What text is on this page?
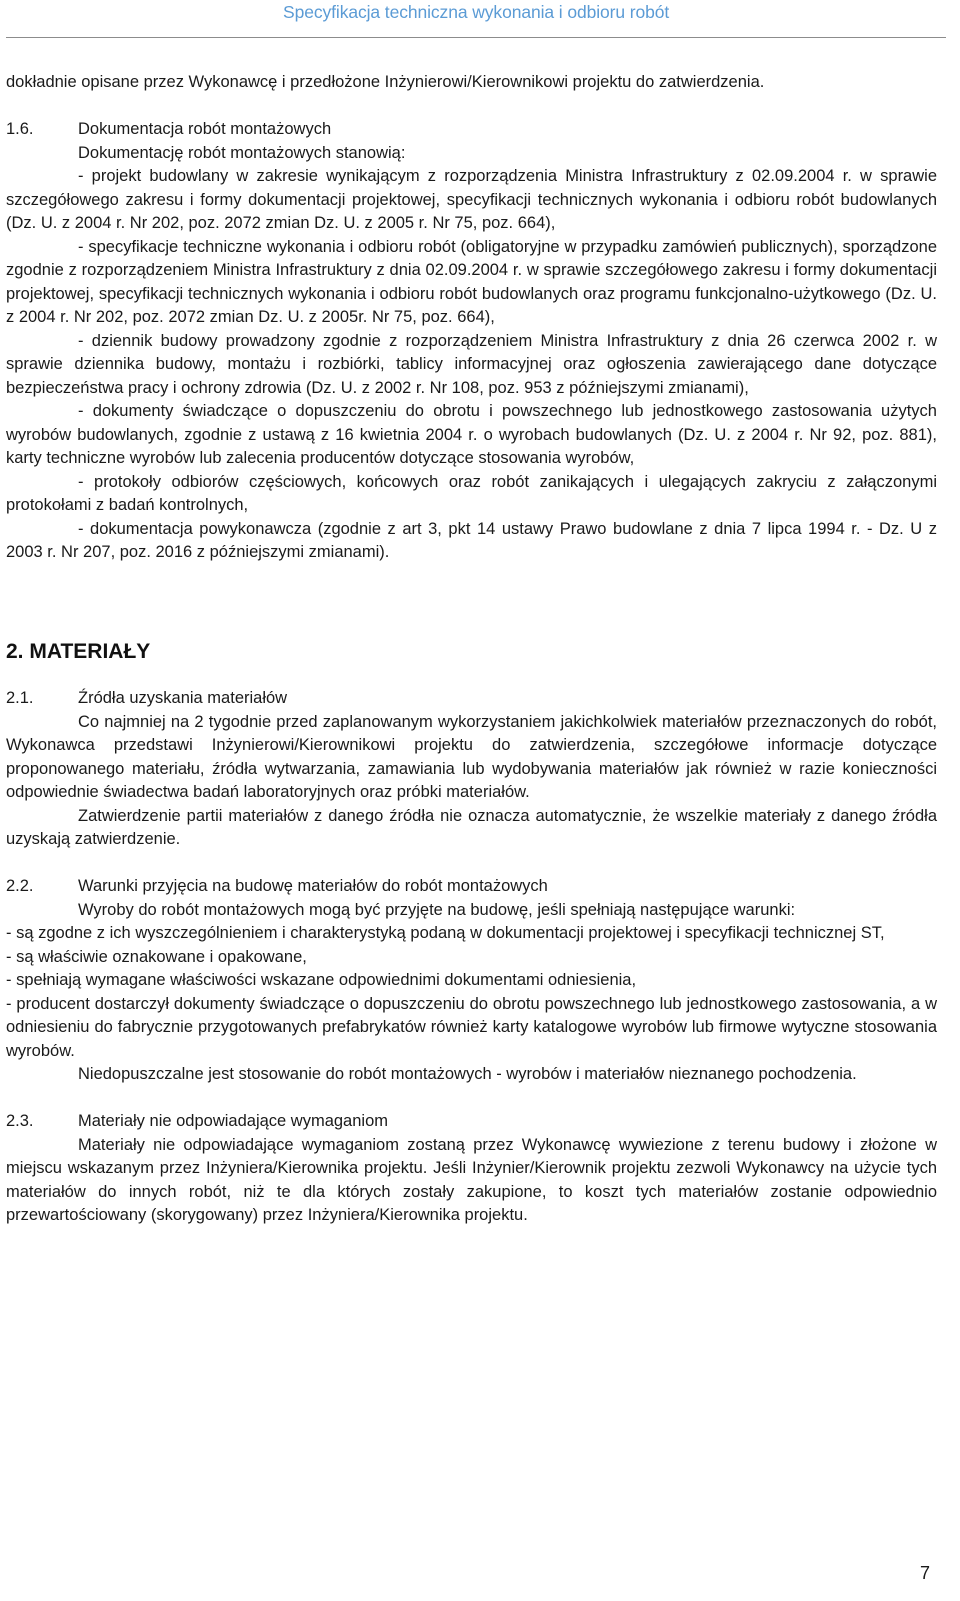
Specyfikacja techniczna wykonania i odbioru robót

dokładnie opisane przez Wykonawcę i przedłożone Inżynierowi/Kierownikowi projektu do zatwierdzenia.

1.6.	Dokumentacja robót montażowych

Dokumentację robót montażowych stanowią:

- projekt budowlany w zakresie wynikającym z rozporządzenia Ministra Infrastruktury z 02.09.2004 r. w sprawie szczegółowego zakresu i formy dokumentacji projektowej, specyfikacji technicznych wykonania i odbioru robót budowlanych (Dz. U. z 2004 r. Nr 202, poz. 2072 zmian Dz. U. z 2005 r. Nr 75, poz. 664),

- specyfikacje techniczne wykonania i odbioru robót (obligatoryjne w przypadku zamówień publicznych), sporządzone zgodnie z rozporządzeniem Ministra Infrastruktury z dnia 02.09.2004 r. w sprawie szczegółowego zakresu i formy dokumentacji projektowej, specyfikacji technicznych wykonania i odbioru robót budowlanych oraz programu funkcjonalno-użytkowego (Dz. U. z 2004 r. Nr 202, poz. 2072 zmian Dz. U. z 2005r. Nr 75, poz. 664),

- dziennik budowy prowadzony zgodnie z rozporządzeniem Ministra Infrastruktury z dnia 26 czerwca 2002 r. w sprawie dziennika budowy, montażu i rozbiórki, tablicy informacyjnej oraz ogłoszenia zawierającego dane dotyczące bezpieczeństwa pracy i ochrony zdrowia (Dz. U. z 2002 r. Nr 108, poz. 953 z późniejszymi zmianami),

- dokumenty świadczące o dopuszczeniu do obrotu i powszechnego lub jednostkowego zastosowania użytych wyrobów budowlanych, zgodnie z ustawą z 16 kwietnia 2004 r. o wyrobach budowlanych (Dz. U. z 2004 r. Nr 92, poz. 881), karty techniczne wyrobów lub zalecenia producentów dotyczące stosowania wyrobów,

- protokoły odbiorów częściowych, końcowych oraz robót zanikających i ulegających zakryciu z załączonymi protokołami z badań kontrolnych,

- dokumentacja powykonawcza (zgodnie z art 3, pkt 14 ustawy Prawo budowlane z dnia 7 lipca 1994 r. - Dz. U z 2003 r. Nr 207, poz. 2016 z późniejszymi zmianami).

2. MATERIAŁY

2.1.	Źródła uzyskania materiałów

Co najmniej na 2 tygodnie przed zaplanowanym wykorzystaniem jakichkolwiek materiałów przeznaczonych do robót, Wykonawca przedstawi Inżynierowi/Kierownikowi projektu do zatwierdzenia, szczegółowe informacje dotyczące proponowanego materiału, źródła wytwarzania, zamawiania lub wydobywania materiałów jak również w razie konieczności odpowiednie świadectwa badań laboratoryjnych oraz próbki materiałów.

Zatwierdzenie partii materiałów z danego źródła nie oznacza automatycznie, że wszelkie materiały z danego źródła uzyskają zatwierdzenie.

2.2.	Warunki przyjęcia na budowę materiałów do robót montażowych

Wyroby do robót montażowych mogą być przyjęte na budowę, jeśli spełniają następujące warunki:

- są zgodne z ich wyszczególnieniem i charakterystyką podaną w dokumentacji projektowej i specyfikacji technicznej ST,

- są właściwie oznakowane i opakowane,

- spełniają wymagane właściwości wskazane odpowiednimi dokumentami odniesienia,

- producent dostarczył dokumenty świadczące o dopuszczeniu do obrotu powszechnego lub jednostkowego zastosowania, a w odniesieniu do fabrycznie przygotowanych prefabrykatów również karty katalogowe wyrobów lub firmowe wytyczne stosowania wyrobów.

Niedopuszczalne jest stosowanie do robót montażowych - wyrobów i materiałów nieznanego pochodzenia.

2.3.	Materiały nie odpowiadające wymaganiom

Materiały nie odpowiadające wymaganiom zostaną przez Wykonawcę wywiezione z terenu budowy i złożone w miejscu wskazanym przez Inżyniera/Kierownika projektu. Jeśli Inżynier/Kierownik projektu zezwoli Wykonawcy na użycie tych materiałów do innych robót, niż te dla których zostały zakupione, to koszt tych materiałów zostanie odpowiednio przewartościowany (skorygowany) przez Inżyniera/Kierownika projektu.

7
